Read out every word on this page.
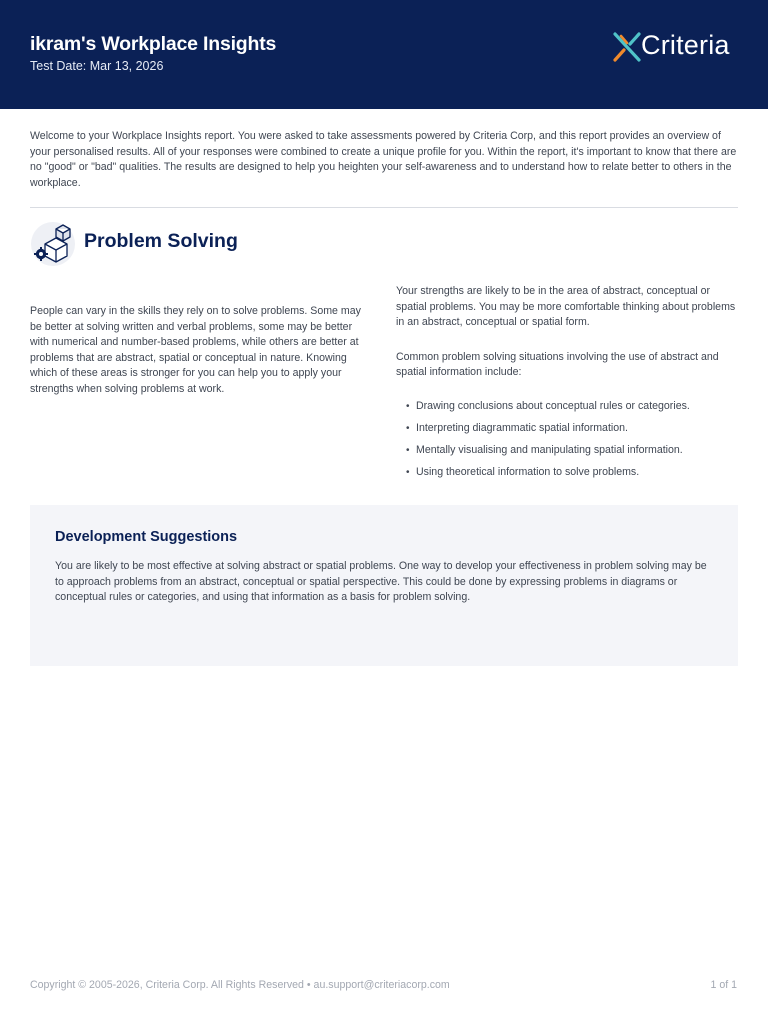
ikram's Workplace Insights
Test Date: Mar 13, 2026
Criteria
Welcome to your Workplace Insights report. You were asked to take assessments powered by Criteria Corp, and this report provides an overview of your personalised results. All of your responses were combined to create a unique profile for you. Within the report, it's important to know that there are no "good" or "bad" qualities. The results are designed to help you heighten your self-awareness and to understand how to relate better to others in the workplace.
Problem Solving
People can vary in the skills they rely on to solve problems. Some may be better at solving written and verbal problems, some may be better with numerical and number-based problems, while others are better at problems that are abstract, spatial or conceptual in nature. Knowing which of these areas is stronger for you can help you to apply your strengths when solving problems at work.

Your strengths are likely to be in the area of abstract, conceptual or spatial problems. You may be more comfortable thinking about problems in an abstract, conceptual or spatial form.

Common problem solving situations involving the use of abstract and spatial information include:

• Drawing conclusions about conceptual rules or categories.
• Interpreting diagrammatic spatial information.
• Mentally visualising and manipulating spatial information.
• Using theoretical information to solve problems.
Development Suggestions
You are likely to be most effective at solving abstract or spatial problems. One way to develop your effectiveness in problem solving may be to approach problems from an abstract, conceptual or spatial perspective. This could be done by expressing problems in diagrams or conceptual rules or categories, and using that information as a basis for problem solving.
Copyright © 2005-2026, Criteria Corp. All Rights Reserved • au.support@criteriacorp.com	1 of 1
